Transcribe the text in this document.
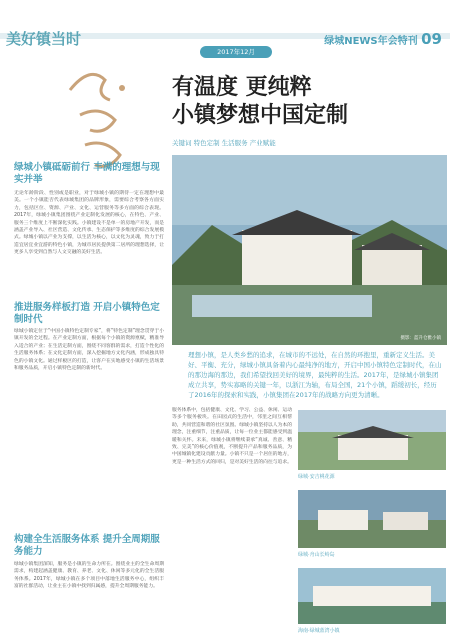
美好镇当时	绿城NEWS年会特刊 09
2017年12月
有温度 更纯粹
小镇梦想中国定制
关键词 特色定制 生活服务 产业赋能
摄影：蓝升仓雅小镇
理想小镇，是人类乡愁的追求，在城市的不远处，在自然的环抱里，重新定义生活。美好、平衡、充分，绿城小镇具备着内心最纯净的地方，开启中国小镇特色定制时代，在山的那边海的那边，我们希望找回美好的境界，最纯粹的生活。2017年，是绿城小镇集团成立共享，势实寡略的关键一年，以浙江为轴，布局全国，21个小镇，蹈缓初长，经历了2016年的探索和实践，小镇集团在2017年的战略方向更为清晰。
绿城小镇砥砺前行 丰满的理想与现实并举
无论年龄阶段、性别或是职业，对于绿城小镇的期待一定在理想中最美。一个小镇能否代表绿城集团的品牌形象，需要综合考察各方面实力，包括区位、资源、产业、文化、运营服务等多方面的综合表现。2017年，绿城小镇集团围绕产业定制化发展的核心，在特色、产业、服务三个维度上不断深化实践。小镇建设不是单一的房地产开发，而是涵盖产业导入、社区营造、文化传承、生态保护等多维度的综合发展模式。绿城小镇以产业为支撑，以生活为核心，以文化为灵魂，致力于打造宜居宜业宜游的特色小镇，为城市居民提供第二居所的理想选择，让更多人享受到自然与人文交融的美好生活。
推进服务样板打造 开启小镇特色定制时代
绿城小镇定位于“中国小镇特色定制专家”，将“特色定制”理念贯穿于小镇开发的全过程。在产业定制方面，根据每个小镇的资源禀赋，精准导入适合的产业；在生活定制方面，围绕不同客群的需求，打造个性化的生活服务体系；在文化定制方面，深入挖掘地方文化内涵，形成独具特色的小镇文化。通过样板区的打造，让客户在实地感受小镇的生活场景和服务品质，开启小镇特色定制的新时代。
构建全生活服务体系 提升全周期服务能力
绿城小镇集团深知，服务是小镇的生命力所在。围绕业主的全生命周期需求，构建起涵盖健康、教育、养老、文化、休闲等多元化的全生活服务体系。2017年，绿城小镇在多个项目中落地生活服务中心，组织丰富的社群活动，让业主在小镇中找到归属感，提升全周期服务能力。
服务体系中，包括健康、文化、学习、公益、休闲、运动等多个服务板块。在田园式的生活中，邻里之间互相帮助，共同营造和谐的社区氛围。绿城小镇坚持以人为本的理念，注重细节，注重品质，让每一位业主都能感受到温暖和关怀。未来，绿城小镇将继续秉承“真诚、善意、精致、完美”的核心价值观，不断提升产品和服务品质，为中国城镇化建设贡献力量。小镇不只是一个居住的地方，更是一种生活方式的回归，是对美好生活的向往与追求。
绿城·安吉桃花源
绿城·舟山长峙岛
海南·绿城蓝湾小镇
